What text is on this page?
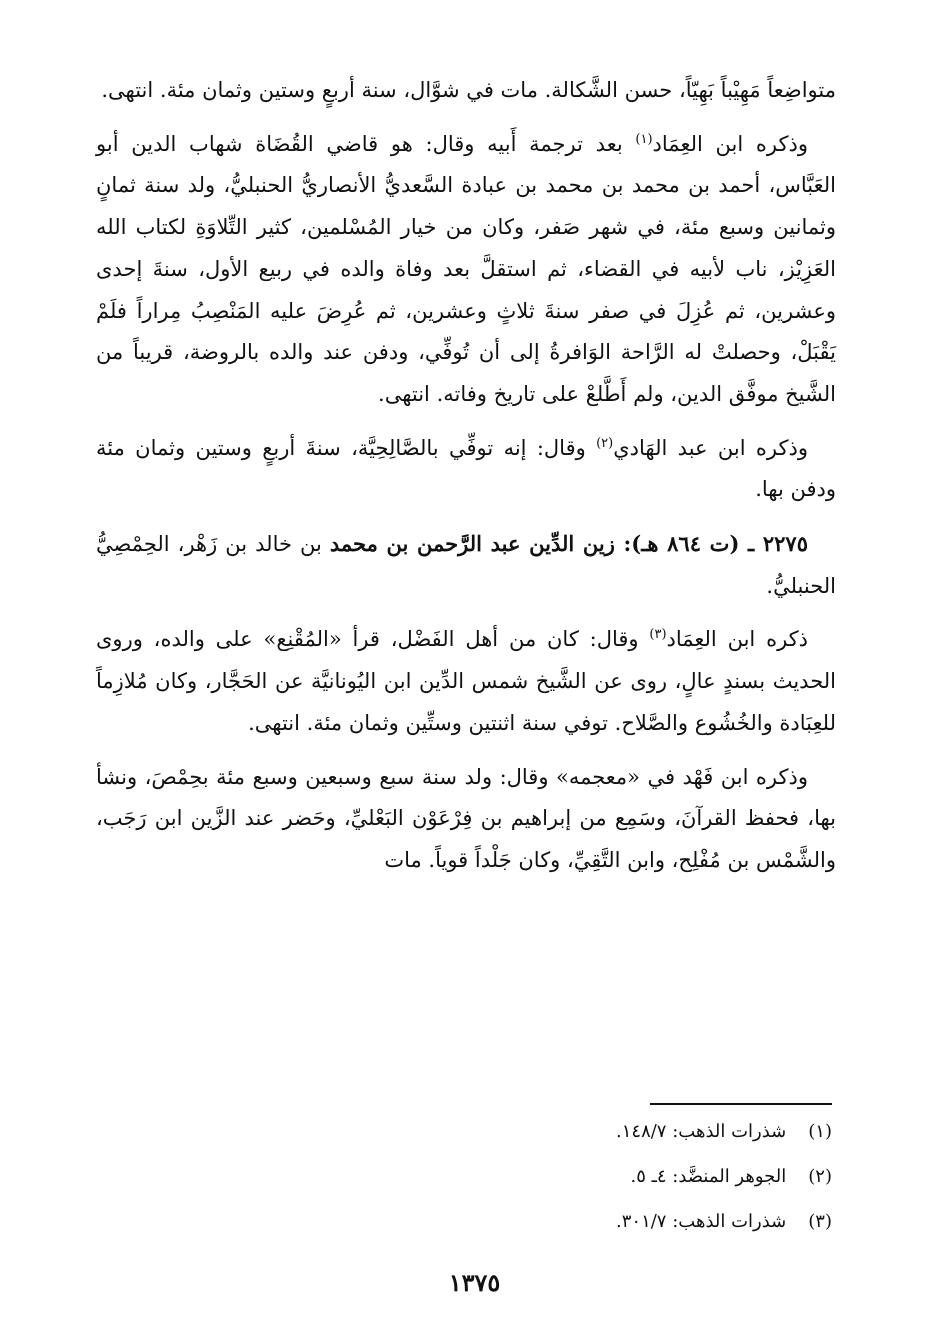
متواضِعاً مَهِيْباً بَهِيّاً، حسن الشَّكالة. مات في شوَّال، سنة أربعٍ وستين وثمان مئة. انتهى.

وذكره ابن العِمَاد$^{(١)}$ بعد ترجمة أَبيه وقال: هو قاضي القُضَاة شهاب الدين أبو العَبَّاس، أحمد بن محمد بن محمد بن عبادة السَّعديُّ الأنصاريُّ الحنبليُّ، ولد سنة ثمانٍ وثمانين وسبع مئة، في شهر صَفر، وكان من خيار المُسْلمين، كثير التِّلاوَةِ لكتاب الله العَزِيْز، ناب لأبيه في القضاء، ثم استقلَّ بعد وفاة والده في ربيع الأول، سنةَ إحدى وعشرين، ثم عُزِلَ في صفر سنةَ ثلاثٍ وعشرين، ثم عُرِضَ عليه المَنْصِبُ مِراراً فلَمْ يَقْبَلْ، وحصلتْ له الرَّاحة الوَافرةُ إلى أن تُوفِّي، ودفن عند والده بالروضة، قريباً من الشَّيخ موفَّق الدين، ولم أَطَّلعْ على تاريخ وفاته. انتهى.

وذكره ابن عبد الهَادي$^{(٢)}$ وقال: إنه توفِّي بالصَّالِحِيَّة، سنةَ أربعٍ وستين وثمان مئة ودفن بها.

٢٢٧٥ ـ (ت ٨٦٤ هـ): زين الدِّين عبد الرَّحمن بن محمد بن خالد بن زَهْر، الحِمْصِيُّ الحنبليُّ.

ذكره ابن العِمَاد$^{(٣)}$ وقال: كان من أهل الفَضْل، قرأ «المُقْنِع» على والده، وروى الحديث بسندٍ عالٍ، روى عن الشَّيخ شمس الدِّين ابن اليُونانيَّة عن الحَجَّار، وكان مُلازِماً للعِبَادة والخُشُوع والصَّلاح. توفي سنة اثنتين وستِّين وثمان مئة. انتهى.

وذكره ابن فَهْد في «معجمه» وقال: ولد سنة سبع وسبعين وسبع مئة بحِمْصَ، ونشأ بها، فحفظ القرآنَ، وسَمِع من إبراهيم بن فِرْعَوْن البَعْليِّ، وحَضر عند الزَّين ابن رَجَب، والشَّمْس بن مُفْلِح، وابن التَّقِيِّ، وكان جَلْداً قوياً. مات

(١) شذرات الذهب: ١٤٨/٧.

(٢) الجوهر المنضَّد: ٤ـ ٥.

(٣) شذرات الذهب: ٣٠١/٧.

١٣٧٥
